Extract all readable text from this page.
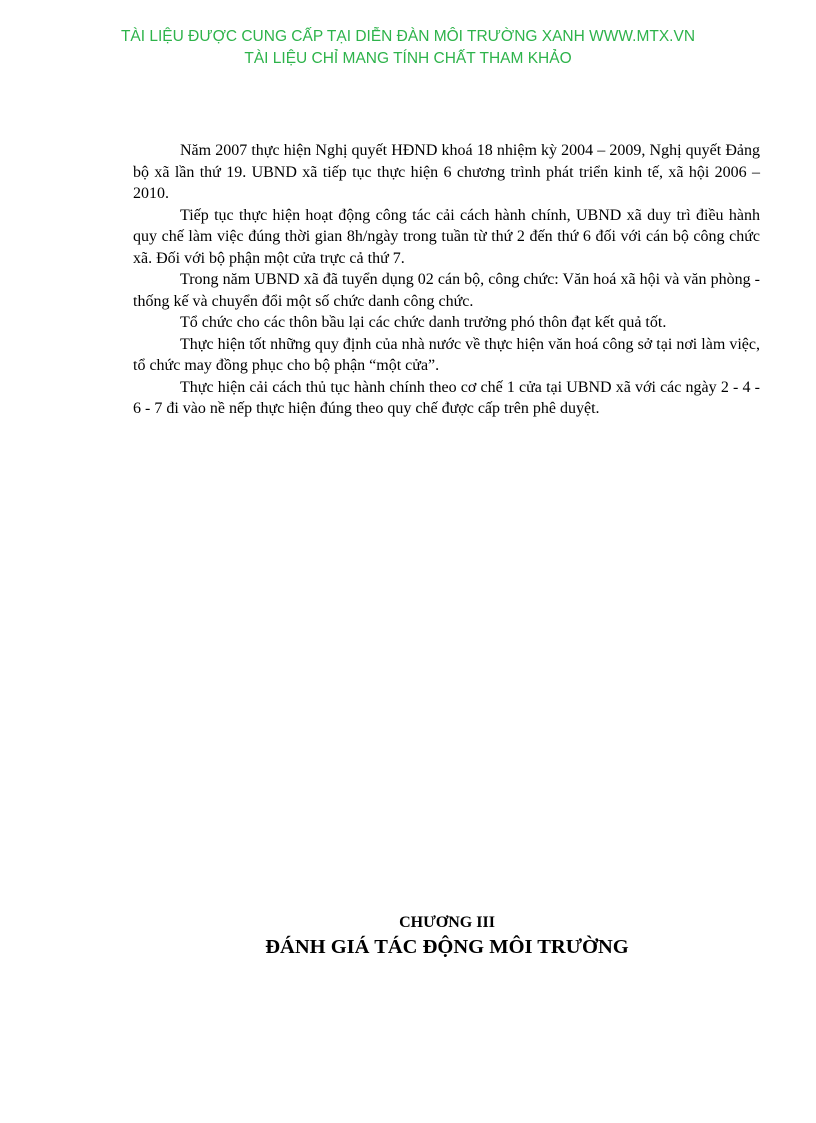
TÀI LIỆU ĐƯỢC CUNG CẤP TẠI DIỄN ĐÀN MÔI TRƯỜNG XANH WWW.MTX.VN
TÀI LIỆU CHỈ MANG TÍNH CHẤT THAM KHẢO

Năm 2007 thực hiện Nghị quyết HĐND khoá 18 nhiệm kỳ 2004 – 2009, Nghị quyết Đảng bộ xã lần thứ 19. UBND xã tiếp tục thực hiện 6 chương trình phát triển kinh tế, xã hội 2006 – 2010.

Tiếp tục thực hiện hoạt động công tác cải cách hành chính, UBND xã duy trì điều hành quy chế làm việc đúng thời gian 8h/ngày trong tuần từ thứ 2 đến thứ 6 đối với cán bộ công chức xã. Đối với bộ phận một cửa trực cả thứ 7.

Trong năm UBND xã đã tuyển dụng 02 cán bộ, công chức: Văn hoá xã hội và văn phòng - thống kế và chuyển đổi một số chức danh công chức.

Tổ chức cho các thôn bầu lại các chức danh trưởng phó thôn đạt kết quả tốt.

Thực hiện tốt những quy định của nhà nước về thực hiện văn hoá công sở tại nơi làm việc, tổ chức may đồng phục cho bộ phận “một cửa”.

Thực hiện cải cách thủ tục hành chính theo cơ chế 1 cửa tại UBND xã với các ngày 2 - 4 - 6 - 7 đi vào nề nếp thực hiện đúng theo quy chế được cấp trên phê duyệt.

CHƯƠNG III
ĐÁNH GIÁ TÁC ĐỘNG MÔI TRƯỜNG
